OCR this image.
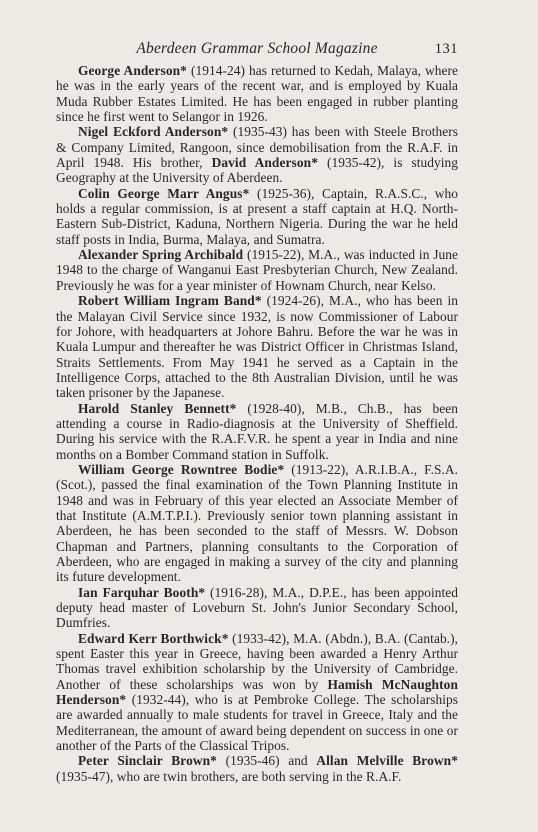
Aberdeen Grammar School Magazine	131

George Anderson* (1914-24) has returned to Kedah, Malaya, where he was in the early years of the recent war, and is employed by Kuala Muda Rubber Estates Limited. He has been engaged in rubber planting since he first went to Selangor in 1926.

Nigel Eckford Anderson* (1935-43) has been with Steele Brothers & Company Limited, Rangoon, since demobilisation from the R.A.F. in April 1948. His brother, David Anderson* (1935-42), is studying Geography at the University of Aberdeen.

Colin George Marr Angus* (1925-36), Captain, R.A.S.C., who holds a regular commission, is at present a staff captain at H.Q. North-Eastern Sub-District, Kaduna, Northern Nigeria. During the war he held staff posts in India, Burma, Malaya, and Sumatra.

Alexander Spring Archibald (1915-22), M.A., was inducted in June 1948 to the charge of Wanganui East Presbyterian Church, New Zealand. Previously he was for a year minister of Hownam Church, near Kelso.

Robert William Ingram Band* (1924-26), M.A., who has been in the Malayan Civil Service since 1932, is now Commissioner of Labour for Johore, with headquarters at Johore Bahru. Before the war he was in Kuala Lumpur and thereafter he was District Officer in Christmas Island, Straits Settlements. From May 1941 he served as a Captain in the Intelligence Corps, attached to the 8th Australian Division, until he was taken prisoner by the Japanese.

Harold Stanley Bennett* (1928-40), M.B., Ch.B., has been attending a course in Radio-diagnosis at the University of Sheffield. During his service with the R.A.F.V.R. he spent a year in India and nine months on a Bomber Command station in Suffolk.

William George Rowntree Bodie* (1913-22), A.R.I.B.A., F.S.A. (Scot.), passed the final examination of the Town Planning Institute in 1948 and was in February of this year elected an Associate Member of that Institute (A.M.T.P.I.). Previously senior town planning assistant in Aberdeen, he has been seconded to the staff of Messrs. W. Dobson Chapman and Partners, planning consultants to the Corporation of Aberdeen, who are engaged in making a survey of the city and planning its future development.

Ian Farquhar Booth* (1916-28), M.A., D.P.E., has been appointed deputy head master of Loveburn St. John's Junior Secondary School, Dumfries.

Edward Kerr Borthwick* (1933-42), M.A. (Abdn.), B.A. (Cantab.), spent Easter this year in Greece, having been awarded a Henry Arthur Thomas travel exhibition scholarship by the University of Cambridge. Another of these scholarships was won by Hamish McNaughton Henderson* (1932-44), who is at Pembroke College. The scholarships are awarded annually to male students for travel in Greece, Italy and the Mediterranean, the amount of award being dependent on success in one or another of the Parts of the Classical Tripos.

Peter Sinclair Brown* (1935-46) and Allan Melville Brown* (1935-47), who are twin brothers, are both serving in the R.A.F.
